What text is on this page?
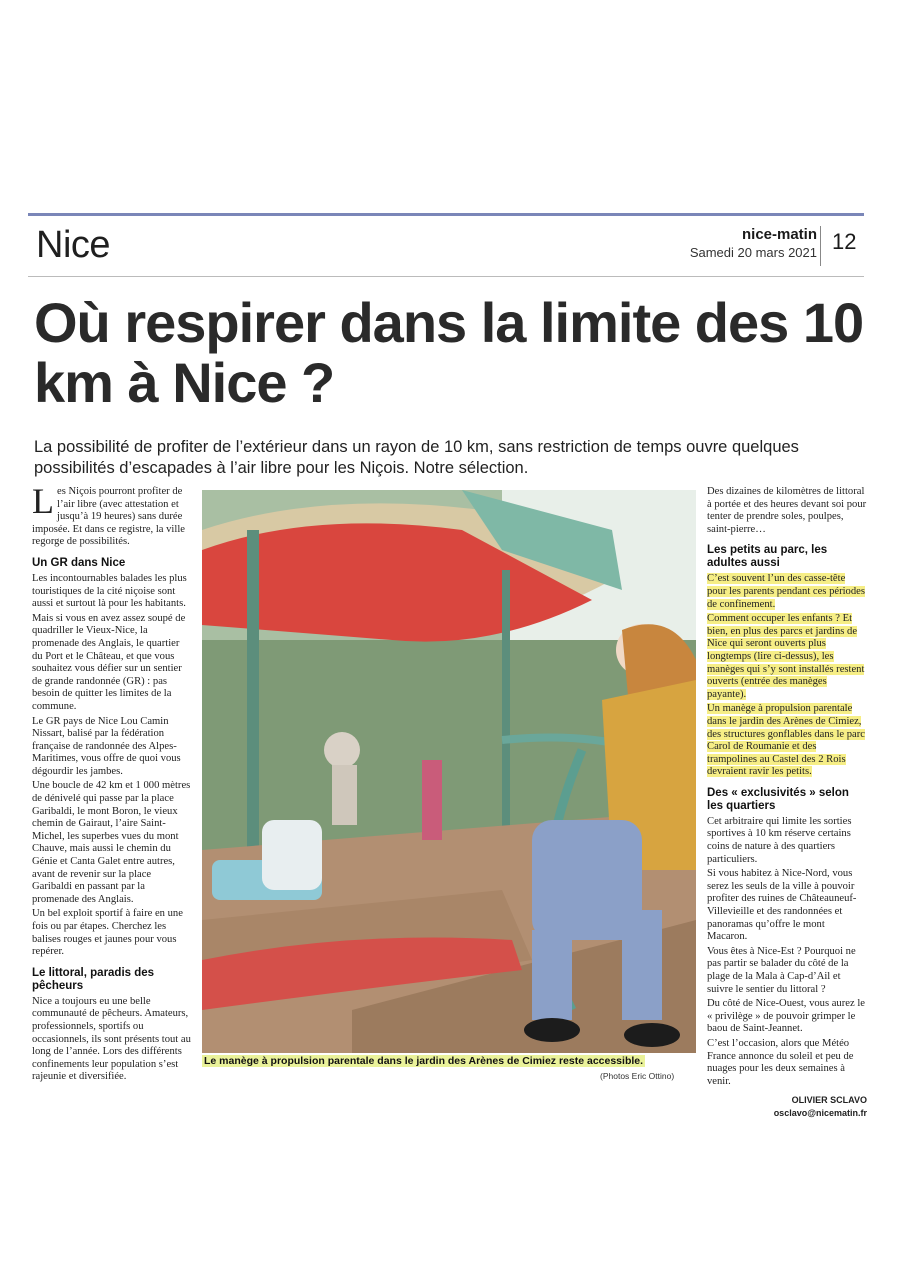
Nice	nice-matin
Samedi 20 mars 2021 12
Où respirer dans la limite des 10 km à Nice ?
La possibilité de profiter de l’extérieur dans un rayon de 10 km, sans restriction de temps ouvre quelques possibilités d’escapades à l’air libre pour les Niçois. Notre sélection.

Les Niçois pourront profiter de l’air libre (avec attestation et jusqu’à 19 heures) sans durée imposée. Et dans ce registre, la ville regorge de possibilités.

Un GR dans Nice

Les incontournables balades les plus touristiques de la cité niçoise sont aussi et surtout là pour les habitants.

Mais si vous en avez assez soupé de quadriller le Vieux-Nice, la promenade des Anglais, le quartier du Port et le Château, et que vous souhaitez vous défier sur un sentier de grande randonnée (GR) : pas besoin de quitter les limites de la commune.

Le GR pays de Nice Lou Camin Nissart, balisé par la fédération française de randonnée des Alpes-Maritimes, vous offre de quoi vous dégourdir les jambes.

Une boucle de 42 km et 1 000 mètres de dénivelé qui passe par la place Garibaldi, le mont Boron, le vieux chemin de Gairaut, l’aire Saint-Michel, les superbes vues du mont Chauve, mais aussi le chemin du Génie et Canta Galet entre autres, avant de revenir sur la place Garibaldi en passant par la promenade des Anglais.

Un bel exploit sportif à faire en une fois ou par étapes. Cherchez les balises rouges et jaunes pour vous repérer.

Le littoral, paradis des pêcheurs

Nice a toujours eu une belle communauté de pêcheurs. Amateurs, professionnels, sportifs ou occasionnels, ils sont présents tout au long de l’année. Lors des différents confinements leur population s’est rajeunie et diversifiée.

Le manège à propulsion parentale dans le jardin des Arènes de Cimiez reste accessible.
(Photos Eric Ottino)

Des dizaines de kilomètres de littoral à portée et des heures devant soi pour tenter de prendre soles, poulpes, saint-pierre…

Les petits au parc, les adultes aussi

C’est souvent l’un des casse-tête pour les parents pendant ces périodes de confinement.

Comment occuper les enfants ? Et bien, en plus des parcs et jardins de Nice qui seront ouverts plus longtemps (lire ci-dessus), les manèges qui s’y sont installés restent ouverts (entrée des manèges payante).

Un manège à propulsion parentale dans le jardin des Arènes de Cimiez, des structures gonflables dans le parc Carol de Roumanie et des trampolines au Castel des 2 Rois devraient ravir les petits.

Des « exclusivités » selon les quartiers

Cet arbitraire qui limite les sorties sportives à 10 km réserve certains coins de nature à des quartiers particuliers.

Si vous habitez à Nice-Nord, vous serez les seuls de la ville à pouvoir profiter des ruines de Châteauneuf-Villevieille et des randonnées et panoramas qu’offre le mont Macaron.

Vous êtes à Nice-Est ? Pourquoi ne pas partir se balader du côté de la plage de la Mala à Cap-d’Ail et suivre le sentier du littoral ?

Du côté de Nice-Ouest, vous aurez le « privilège » de pouvoir grimper le baou de Saint-Jeannet.

C’est l’occasion, alors que Météo France annonce du soleil et peu de nuages pour les deux semaines à venir.

OLIVIER SCLAVO
osclavo@nicematin.fr
